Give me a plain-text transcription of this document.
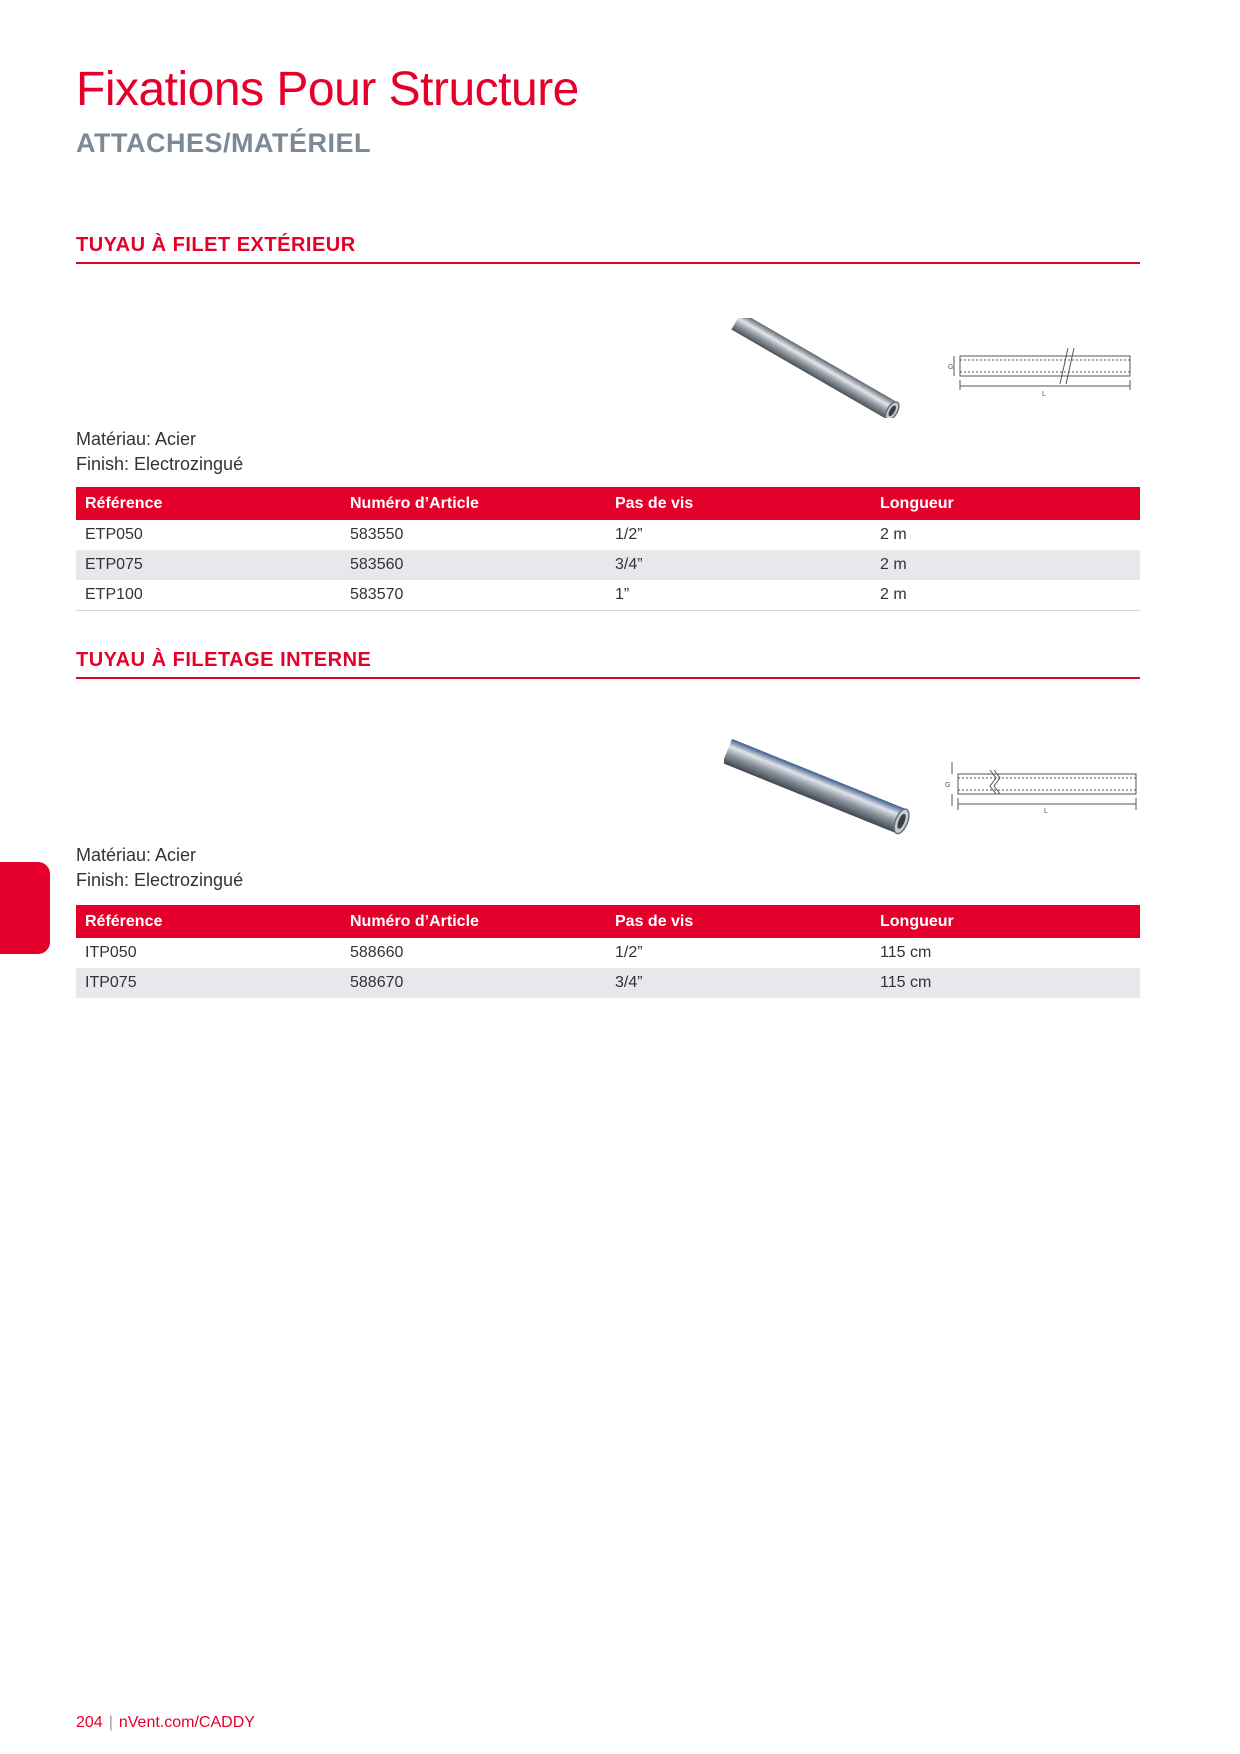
Fixations Pour Structure
ATTACHES/MATÉRIEL
TUYAU À FILET EXTÉRIEUR
G
L
Matériau: Acier
Finish: Electrozingué
Référence	Numéro d’Article	Pas de vis	Longueur
ETP050	583550	1/2”	2 m
ETP075	583560	3/4”	2 m
ETP100	583570	1”	2 m
TUYAU À FILETAGE INTERNE
G
L
Matériau: Acier
Finish: Electrozingué
Référence	Numéro d’Article	Pas de vis	Longueur
ITP050	588660	1/2”	115 cm
ITP075	588670	3/4”	115 cm
204 | nVent.com/CADDY
